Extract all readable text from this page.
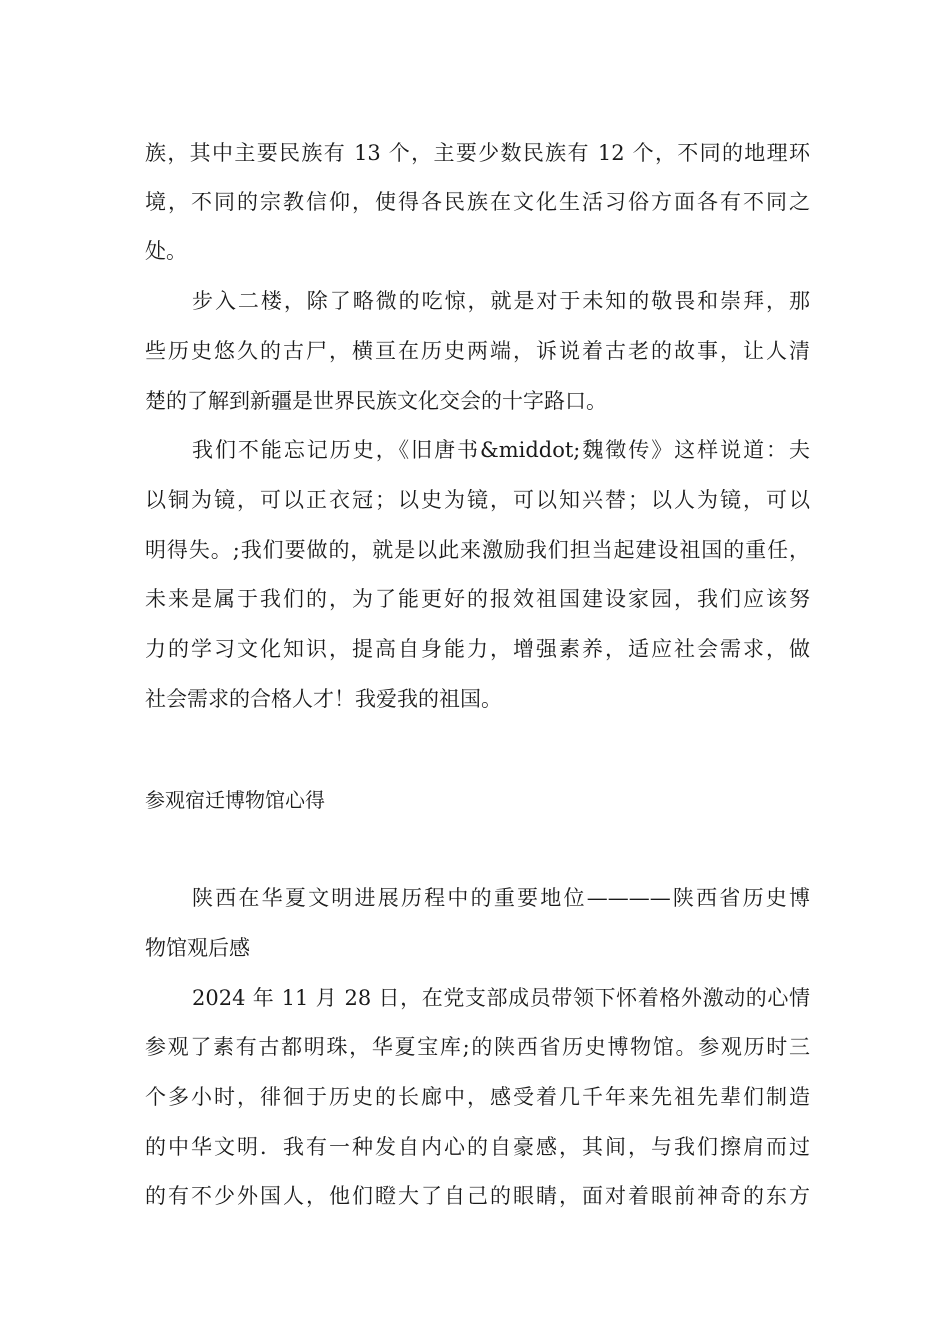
族，其中主要民族有 13 个，主要少数民族有 12 个，不同的地理环
境，不同的宗教信仰，使得各民族在文化生活习俗方面各有不同之
处。
步入二楼，除了略微的吃惊，就是对于未知的敬畏和崇拜，那
些历史悠久的古尸，横亘在历史两端，诉说着古老的故事，让人清
楚的了解到新疆是世界民族文化交会的十字路口。
我们不能忘记历史，《旧唐书&middot;魏徵传》这样说道：夫
以铜为镜，可以正衣冠；以史为镜，可以知兴替；以人为镜，可以
明得失。;我们要做的，就是以此来激励我们担当起建设祖国的重任，
未来是属于我们的，为了能更好的报效祖国建设家园，我们应该努
力的学习文化知识，提高自身能力，增强素养，适应社会需求，做
社会需求的合格人才！我爱我的祖国。
参观宿迁博物馆心得
陕西在华夏文明进展历程中的重要地位————陕西省历史博
物馆观后感
2024 年 11 月 28 日，在党支部成员带领下怀着格外激动的心情
参观了素有古都明珠，华夏宝库;的陕西省历史博物馆。参观历时三
个多小时，徘徊于历史的长廊中，感受着几千年来先祖先辈们制造
的中华文明．我有一种发自内心的自豪感，其间，与我们擦肩而过
的有不少外国人，他们瞪大了自己的眼睛，面对着眼前神奇的东方
